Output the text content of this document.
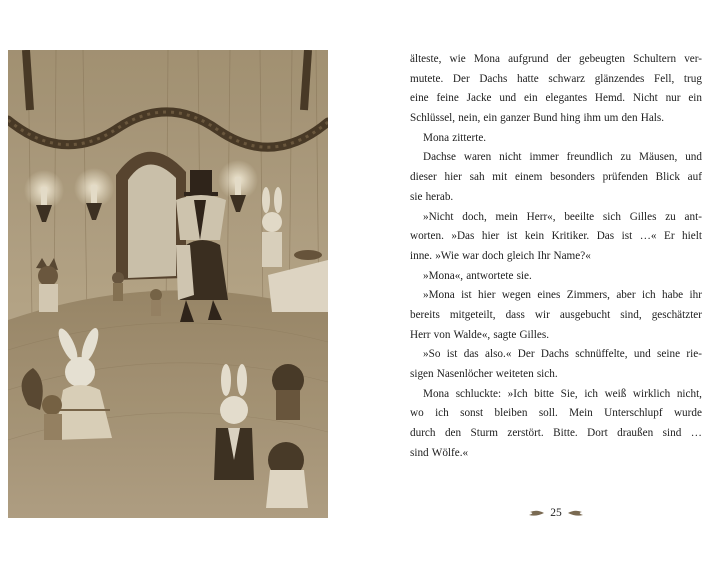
älteste, wie Mona aufgrund der gebeugten Schultern ver-
mutete. Der Dachs hatte schwarz glänzendes Fell, trug
eine feine Jacke und ein elegantes Hemd. Nicht nur ein
Schlüssel, nein, ein ganzer Bund hing ihm um den Hals.
Mona zitterte.
Dachse waren nicht immer freundlich zu Mäusen, und
dieser hier sah mit einem besonders prüfenden Blick auf
sie herab.
»Nicht doch, mein Herr«, beeilte sich Gilles zu ant-
worten. »Das hier ist kein Kritiker. Das ist …« Er hielt
inne. »Wie war doch gleich Ihr Name?«
»Mona«, antwortete sie.
»Mona ist hier wegen eines Zimmers, aber ich habe ihr
bereits mitgeteilt, dass wir ausgebucht sind, geschätzter
Herr von Walde«, sagte Gilles.
»So ist das also.« Der Dachs schnüffelte, und seine rie-
sigen Nasenlöcher weiteten sich.
Mona schluckte: »Ich bitte Sie, ich weiß wirklich nicht,
wo ich sonst bleiben soll. Mein Unterschlupf wurde
durch den Sturm zerstört. Bitte. Dort draußen sind …
sind Wölfe.«
25
